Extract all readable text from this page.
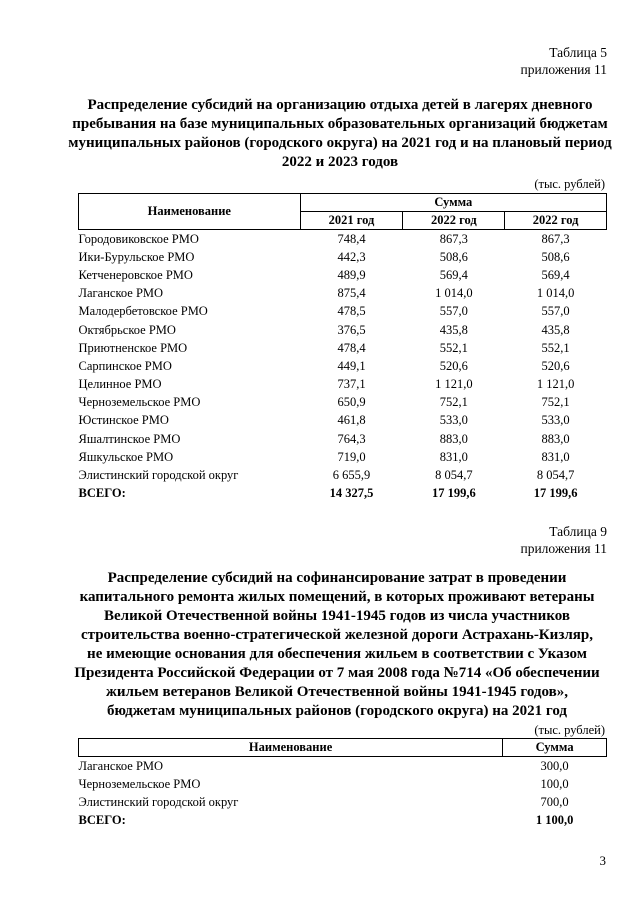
Таблица 5
приложения 11
Распределение субсидий на организацию отдыха детей в лагерях дневного пребывания на базе муниципальных образовательных организаций бюджетам муниципальных районов (городского округа) на 2021 год и на плановый период 2022 и 2023 годов
(тыс. рублей)
Наименование	Сумма		
	2021 год	2022 год	2022 год
Городовиковское РМО	748,4	867,3	867,3
Ики-Бурульское РМО	442,3	508,6	508,6
Кетченеровское РМО	489,9	569,4	569,4
Лаганское РМО	875,4	1 014,0	1 014,0
Малодербетовское РМО	478,5	557,0	557,0
Октябрьское РМО	376,5	435,8	435,8
Приютненское РМО	478,4	552,1	552,1
Сарпинское РМО	449,1	520,6	520,6
Целинное РМО	737,1	1 121,0	1 121,0
Черноземельское РМО	650,9	752,1	752,1
Юстинское РМО	461,8	533,0	533,0
Яшалтинское РМО	764,3	883,0	883,0
Яшкульское РМО	719,0	831,0	831,0
Элистинский городской округ	6 655,9	8 054,7	8 054,7
ВСЕГО:	14 327,5	17 199,6	17 199,6
Таблица 9
приложения 11
Распределение субсидий на софинансирование затрат в проведении капитального ремонта жилых помещений, в которых проживают ветераны Великой Отечественной войны 1941-1945 годов из числа участников строительства военно-стратегической железной дороги Астрахань-Кизляр, не имеющие основания для обеспечения жильем в соответствии с Указом Президента Российской Федерации от 7 мая 2008 года №714 «Об обеспечении жильем ветеранов Великой Отечественной войны 1941-1945 годов», бюджетам муниципальных районов (городского округа) на 2021 год
(тыс. рублей)
Наименование	Сумма
Лаганское РМО	300,0
Черноземельское РМО	100,0
Элистинский городской округ	700,0
ВСЕГО:	1 100,0
3
